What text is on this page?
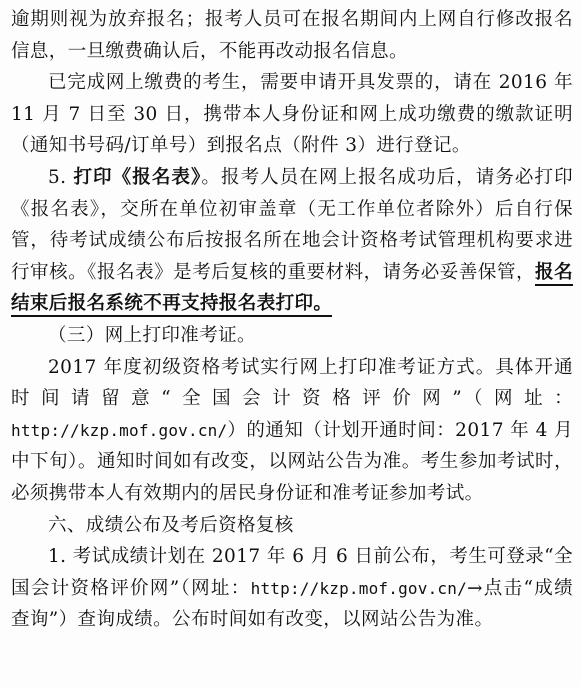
逾期则视为放弃报名；报考人员可在报名期间内上网自行修改报名信息，一旦缴费确认后，不能再改动报名信息。

已完成网上缴费的考生，需要申请开具发票的，请在 2016 年 11 月 7 日至 30 日，携带本人身份证和网上成功缴费的缴款证明（通知书号码/订单号）到报名点（附件 3）进行登记。

5. 打印《报名表》。报考人员在网上报名成功后，请务必打印《报名表》，交所在单位初审盖章（无工作单位者除外）后自行保管，待考试成绩公布后按报名所在地会计资格考试管理机构要求进行审核。《报名表》是考后复核的重要材料，请务必妥善保管，报名结束后报名系统不再支持报名表打印。

（三）网上打印准考证。

2017 年度初级资格考试实行网上打印准考证方式。具体开通时间请留意“全国会计资格评价网”（网址：http://kzp.mof.gov.cn/）的通知（计划开通时间：2017 年 4 月中下旬）。通知时间如有改变，以网站公告为准。考生参加考试时，必须携带本人有效期内的居民身份证和准考证参加考试。

六、成绩公布及考后资格复核

1. 考试成绩计划在 2017 年 6 月 6 日前公布，考生可登录“全国会计资格评价网”（网址：http://kzp.mof.gov.cn/→点击“成绩查询”）查询成绩。公布时间如有改变，以网站公告为准。
